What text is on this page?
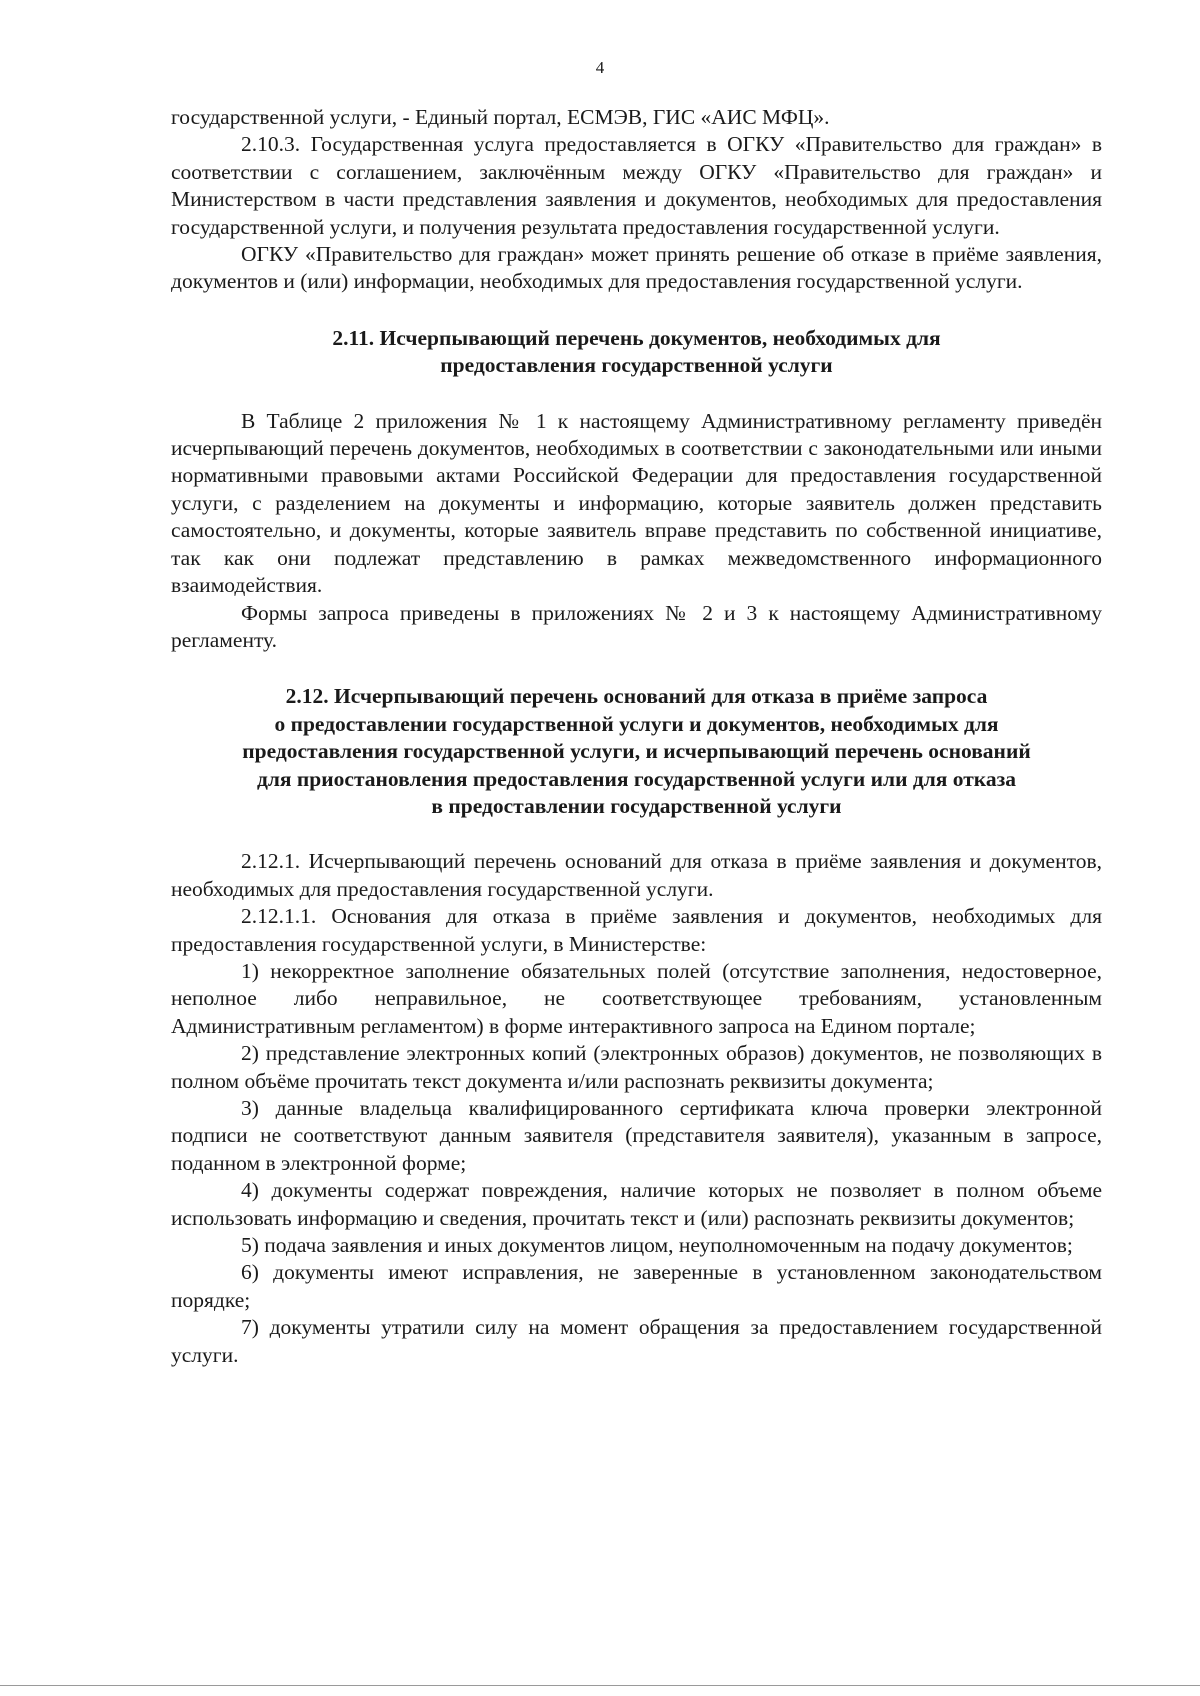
4

государственной услуги, - Единый портал, ЕСМЭВ, ГИС «АИС МФЦ».

2.10.3. Государственная услуга предоставляется в ОГКУ «Правительство для граждан» в соответствии с соглашением, заключённым между ОГКУ «Правительство для граждан» и Министерством в части представления заявления и документов, необходимых для предоставления государственной услуги, и получения результата предоставления государственной услуги.

ОГКУ «Правительство для граждан» может принять решение об отказе в приёме заявления, документов и (или) информации, необходимых для предоставления государственной услуги.

2.11. Исчерпывающий перечень документов, необходимых для
предоставления государственной услуги

В Таблице 2 приложения № 1 к настоящему Административному регламенту приведён исчерпывающий перечень документов, необходимых в соответствии с законодательными или иными нормативными правовыми актами Российской Федерации для предоставления государственной услуги, с разделением на документы и информацию, которые заявитель должен представить самостоятельно, и документы, которые заявитель вправе представить по собственной инициативе, так как они подлежат представлению в рамках межведомственного информационного взаимодействия.

Формы запроса приведены в приложениях № 2 и 3 к настоящему Административному регламенту.

2.12. Исчерпывающий перечень оснований для отказа в приёме запроса
о предоставлении государственной услуги и документов, необходимых для
предоставления государственной услуги, и исчерпывающий перечень оснований
для приостановления предоставления государственной услуги или для отказа
в предоставлении государственной услуги

2.12.1. Исчерпывающий перечень оснований для отказа в приёме заявления и документов, необходимых для предоставления государственной услуги.

2.12.1.1. Основания для отказа в приёме заявления и документов, необходимых для предоставления государственной услуги, в Министерстве:

1) некорректное заполнение обязательных полей (отсутствие заполнения, недостоверное, неполное либо неправильное, не соответствующее требованиям, установленным Административным регламентом) в форме интерактивного запроса на Едином портале;

2) представление электронных копий (электронных образов) документов, не позволяющих в полном объёме прочитать текст документа и/или распознать реквизиты документа;

3) данные владельца квалифицированного сертификата ключа проверки электронной подписи не соответствуют данным заявителя (представителя заявителя), указанным в запросе, поданном в электронной форме;

4) документы содержат повреждения, наличие которых не позволяет в полном объеме использовать информацию и сведения, прочитать текст и (или) распознать реквизиты документов;

5) подача заявления и иных документов лицом, неуполномоченным на подачу документов;

6) документы имеют исправления, не заверенные в установленном законодательством порядке;

7) документы утратили силу на момент обращения за предоставлением государственной услуги.
